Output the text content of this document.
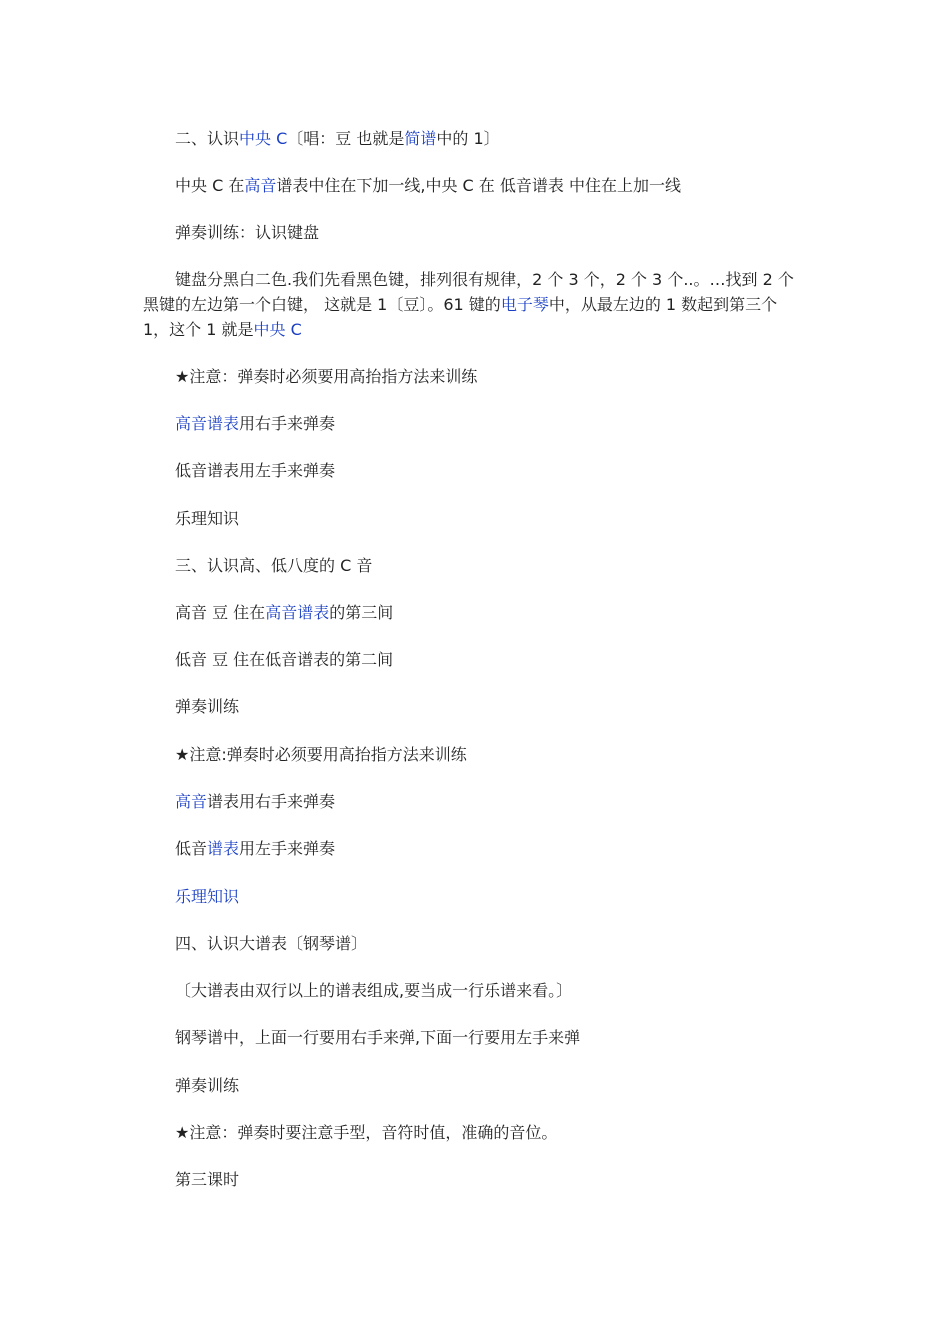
二、认识中央 C〔唱：豆 也就是简谱中的 1〕

中央 C 在高音谱表中住在下加一线,中央 C 在 低音谱表 中住在上加一线

弹奏训练：认识键盘

键盘分黑白二色.我们先看黑色键，排列很有规律，2 个 3 个，2 个 3 个..。…找到 2 个黑键的左边第一个白键， 这就是 1〔豆〕。61 键的电子琴中，从最左边的 1 数起到第三个 1，这个 1 就是中央 C

★注意：弹奏时必须要用高抬指方法来训练

高音谱表用右手来弹奏

低音谱表用左手来弹奏

乐理知识

三、认识高、低八度的 C 音

高音 豆 住在高音谱表的第三间

低音 豆 住在低音谱表的第二间

弹奏训练

★注意:弹奏时必须要用高抬指方法来训练

高音谱表用右手来弹奏

低音谱表用左手来弹奏

乐理知识

四、认识大谱表〔钢琴谱〕

〔大谱表由双行以上的谱表组成,要当成一行乐谱来看。〕

钢琴谱中，上面一行要用右手来弹,下面一行要用左手来弹

弹奏训练

★注意：弹奏时要注意手型，音符时值，准确的音位。

第三课时
